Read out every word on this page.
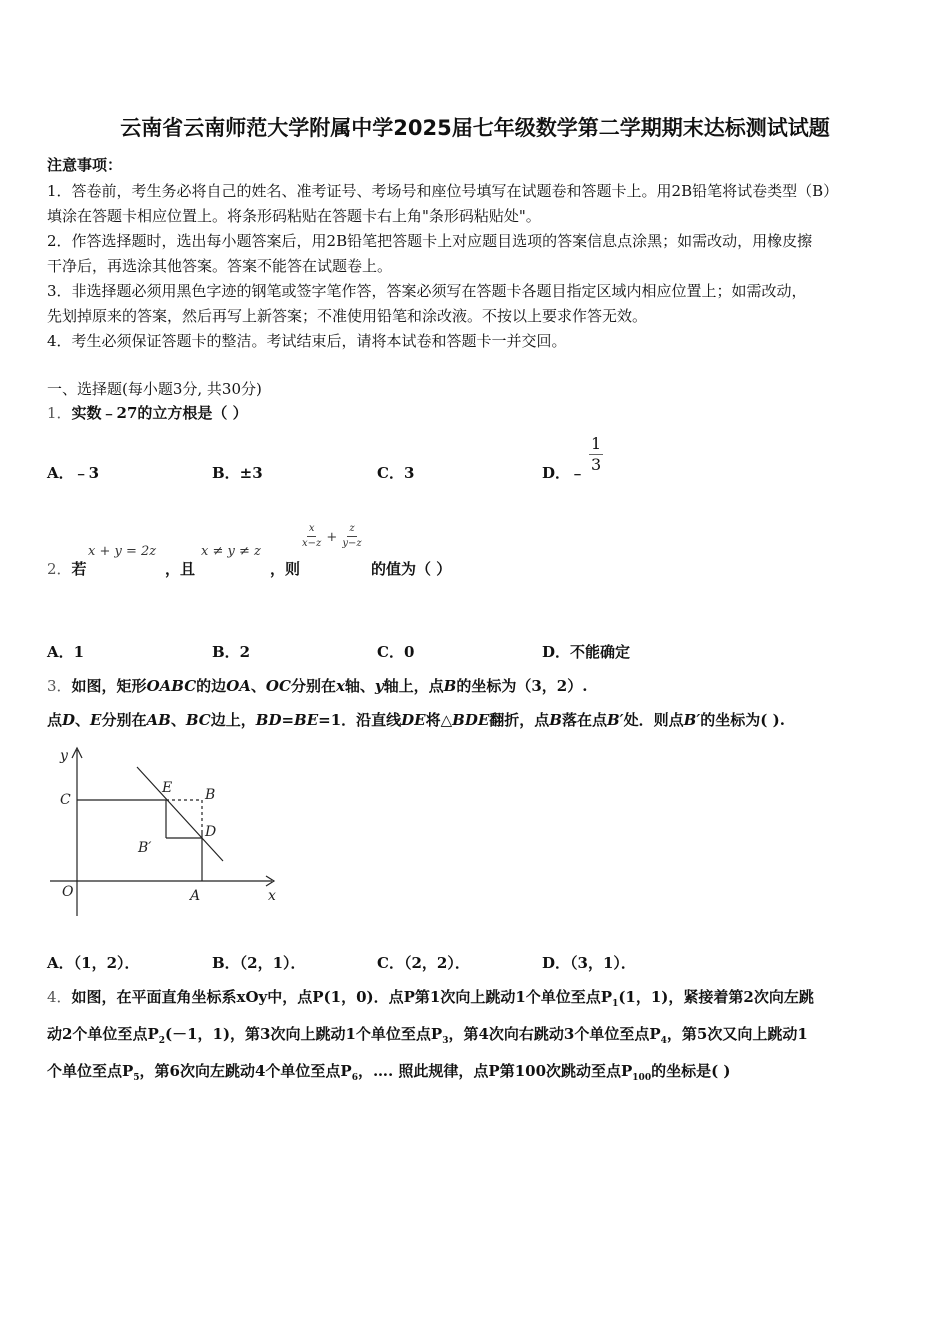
云南省云南师范大学附属中学2025届七年级数学第二学期期末达标测试试题
注意事项：
1．答卷前，考生务必将自己的姓名、准考证号、考场号和座位号填写在试题卷和答题卡上。用2B铅笔将试卷类型（B）
填涂在答题卡相应位置上。将条形码粘贴在答题卡右上角"条形码粘贴处"。
2．作答选择题时，选出每小题答案后，用2B铅笔把答题卡上对应题目选项的答案信息点涂黑；如需改动，用橡皮擦
干净后，再选涂其他答案。答案不能答在试题卷上。
3．非选择题必须用黑色字迹的钢笔或签字笔作答，答案必须写在答题卡各题目指定区域内相应位置上；如需改动，
先划掉原来的答案，然后再写上新答案；不准使用铅笔和涂改液。不按以上要求作答无效。
4．考生必须保证答题卡的整洁。考试结束后，请将本试卷和答题卡一并交回。
一、选择题(每小题3分, 共30分)
1．实数﹣27的立方根是（ ）
A．﹣3	B．±3	C．3	D．﹣ $\frac{1}{3}$
2．若
x + y = 2z
，且
x ≠ y ≠ z
，则
$\frac{x}{x-z} + \frac{z}{y-z}$
的值为（ ）
A．1	B．2	C．0	D．不能确定
3．如图，矩形OABC的边OA、OC分别在x轴、y轴上，点B的坐标为（3，2）.
点D、E分别在AB、BC边上，BD=BE=1．沿直线DE将△BDE翻折，点B落在点B′处．则点B′的坐标为( ).
y
x
O	A
C
E B
D
B′
A．（1，2）．	B．（2，1）．	C．（2，2）．	D．（3，1）．
4．如图，在平面直角坐标系xOy中，点P(1，0)．点P第1次向上跳动1个单位至点$P_1(1$，1)，紧接着第2次向左跳
动2个单位至点$P_2(-1$，1)，第3次向上跳动1个单位至点$P_3$，第4次向右跳动3个单位至点$P_4$，第5次又向上跳动1
个单位至点$P_5$，第6次向左跳动4个单位至点$P_6$，…. 照此规律，点P第100次跳动至点$P_{100}$的坐标是( )
